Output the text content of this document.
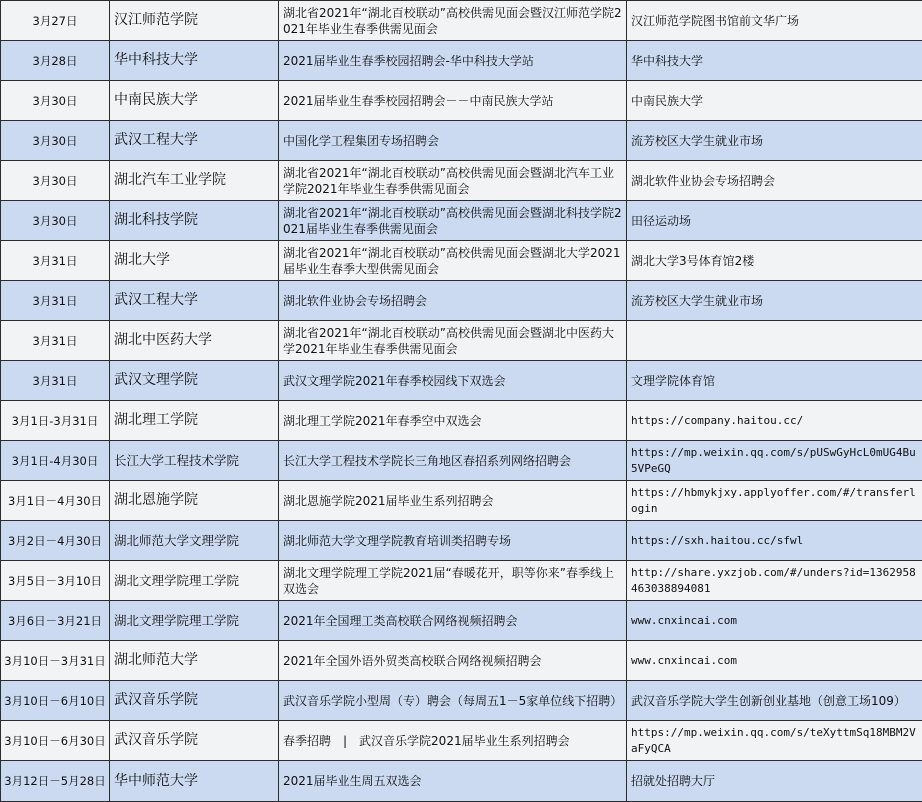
3月27日	汉江师范学院	湖北省2021年“湖北百校联动”高校供需见面会暨汉江师范学院2021年毕业生春季供需见面会	汉江师范学院图书馆前文华广场
3月28日	华中科技大学	2021届毕业生春季校园招聘会-华中科技大学站	华中科技大学
3月30日	中南民族大学	2021届毕业生春季校园招聘会－－中南民族大学站	中南民族大学
3月30日	武汉工程大学	中国化学工程集团专场招聘会	流芳校区大学生就业市场
3月30日	湖北汽车工业学院	湖北省2021年“湖北百校联动”高校供需见面会暨湖北汽车工业学院2021年毕业生春季供需见面会	湖北软件业协会专场招聘会
3月30日	湖北科技学院	湖北省2021年“湖北百校联动”高校供需见面会暨湖北科技学院2021届毕业生春季供需见面会	田径运动场
3月31日	湖北大学	湖北省2021年“湖北百校联动”高校供需见面会暨湖北大学2021届毕业生春季大型供需见面会	湖北大学3号体育馆2楼
3月31日	武汉工程大学	湖北软件业协会专场招聘会	流芳校区大学生就业市场
3月31日	湖北中医药大学	湖北省2021年“湖北百校联动”高校供需见面会暨湖北中医药大学2021年毕业生春季供需见面会	
3月31日	武汉文理学院	武汉文理学院2021年春季校园线下双选会	文理学院体育馆
3月1日-3月31日	湖北理工学院	湖北理工学院2021年春季空中双选会	https://company.haitou.cc/
3月1日-4月30日	长江大学工程技术学院	长江大学工程技术学院长三角地区春招系列网络招聘会	https://mp.weixin.qq.com/s/pUSwGyHcL0mUG4Bu5VPeGQ
3月1日－4月30日	湖北恩施学院	湖北恩施学院2021届毕业生系列招聘会	https://hbmykjxy.applyoffer.com/#/transferlogin
3月2日－4月30日	湖北师范大学文理学院	湖北师范大学文理学院教育培训类招聘专场	https://sxh.haitou.cc/sfwl
3月5日－3月10日	湖北文理学院理工学院	湖北文理学院理工学院2021届“春暖花开，职等你来”春季线上双选会	http://share.yxzjob.com/#/unders?id=1362958463038894081
3月6日－3月21日	湖北文理学院理工学院	2021年全国理工类高校联合网络视频招聘会	www.cnxincai.com
3月10日－3月31日	湖北师范大学	2021年全国外语外贸类高校联合网络视频招聘会	www.cnxincai.com
3月10日－6月10日	武汉音乐学院	武汉音乐学院小型周（专）聘会（每周五1－5家单位线下招聘）	武汉音乐学院大学生创新创业基地（创意工场109）
3月10日－6月30日	武汉音乐学院	春季招聘　|　武汉音乐学院2021届毕业生系列招聘会	https://mp.weixin.qq.com/s/teXyttmSq18MBM2VaFyQCA
3月12日－5月28日	华中师范大学	2021届毕业生周五双选会	招就处招聘大厅
